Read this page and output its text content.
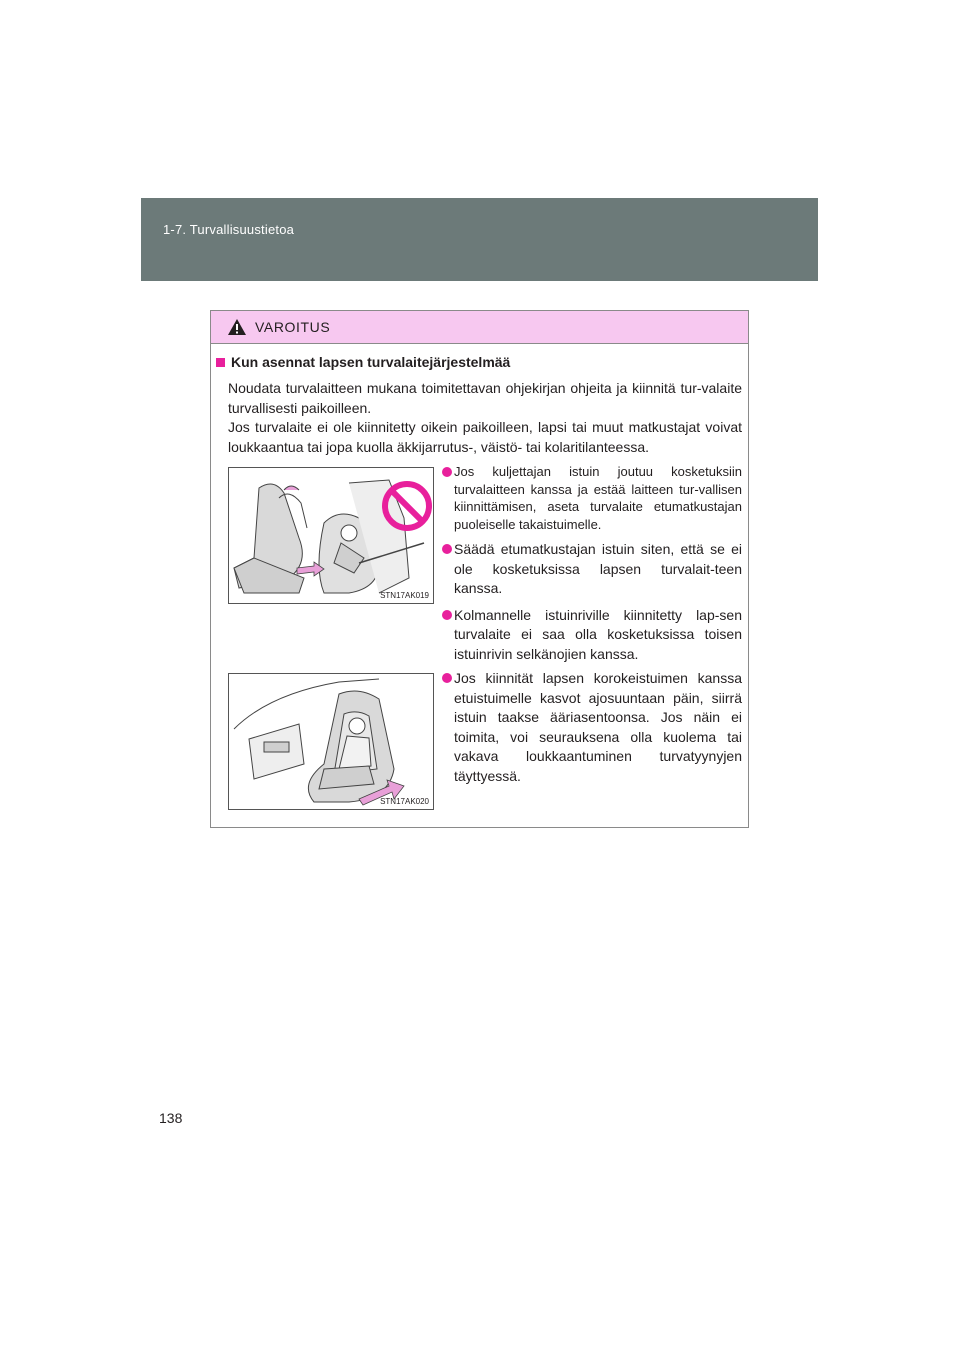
1-7. Turvallisuustietoa
VAROITUS
Kun asennat lapsen turvalaitejärjestelmää

Noudata turvalaitteen mukana toimitettavan ohjekirjan ohjeita ja kiinnitä tur-valaite turvallisesti paikoilleen.

Jos turvalaite ei ole kiinnitetty oikein paikoilleen, lapsi tai muut matkustajat voivat loukkaantua tai jopa kuolla äkkijarrutus-, väistö- tai kolaritilanteessa.

STN17AK019
Jos kuljettajan istuin joutuu kosketuksiin turvalaitteen kanssa ja estää laitteen tur-vallisen kiinnittämisen, aseta turvalaite etumatkustajan puoleiselle takaistuimelle.
Säädä etumatkustajan istuin siten, että se ei ole kosketuksissa lapsen turvalait-teen kanssa.
Kolmannelle istuinriville kiinnitetty lap-sen turvalaite ei saa olla kosketuksissa toisen istuinrivin selkänojien kanssa.
STN17AK020
Jos kiinnität lapsen korokeistuimen kanssa etuistuimelle kasvot ajosuuntaan päin, siirrä istuin taakse ääriasentoonsa. Jos näin ei toimita, voi seurauksena olla kuolema tai vakava loukkaantuminen turvatyynyjen täyttyessä.
138
